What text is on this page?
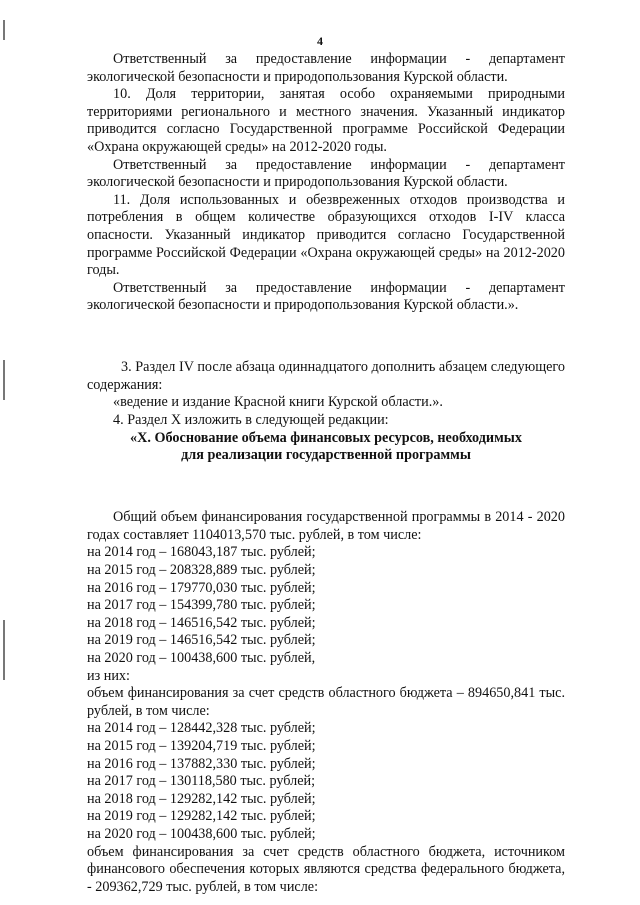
4

Ответственный за предоставление информации - департамент экологической безопасности и природопользования Курской области.

10. Доля территории, занятая особо охраняемыми природными территориями регионального и местного значения. Указанный индикатор приводится согласно Государственной программе Российской Федерации «Охрана окружающей среды» на 2012-2020 годы.

Ответственный за предоставление информации - департамент экологической безопасности и природопользования Курской области.

11. Доля использованных и обезвреженных отходов производства и потребления в общем количестве образующихся отходов I-IV класса опасности. Указанный индикатор приводится согласно Государственной программе Российской Федерации «Охрана окружающей среды» на 2012-2020 годы.

Ответственный за предоставление информации - департамент экологической безопасности и природопользования Курской области.».

3. Раздел IV после абзаца одиннадцатого дополнить абзацем следующего содержания:

«ведение и издание Красной книги Курской области.».

4. Раздел X изложить в следующей редакции:

«X. Обоснование объема финансовых ресурсов, необходимых

для реализации государственной программы

Общий объем финансирования государственной программы в 2014 - 2020 годах составляет 1104013,570 тыс. рублей, в том числе:

на 2014 год – 168043,187 тыс. рублей;

на 2015 год – 208328,889 тыс. рублей;

на 2016 год – 179770,030 тыс. рублей;

на 2017 год – 154399,780 тыс. рублей;

на 2018 год – 146516,542 тыс. рублей;

на 2019 год – 146516,542 тыс. рублей;

на 2020 год – 100438,600 тыс. рублей,

из них:

объем финансирования за счет средств областного бюджета – 894650,841 тыс. рублей, в том числе:

на 2014 год – 128442,328 тыс. рублей;

на 2015 год – 139204,719 тыс. рублей;

на 2016 год – 137882,330 тыс. рублей;

на 2017 год – 130118,580 тыс. рублей;

на 2018 год – 129282,142 тыс. рублей;

на 2019 год – 129282,142 тыс. рублей;

на 2020 год – 100438,600 тыс. рублей;

объем финансирования за счет средств областного бюджета, источником финансового обеспечения которых являются средства федерального бюджета, - 209362,729 тыс. рублей, в том числе:
